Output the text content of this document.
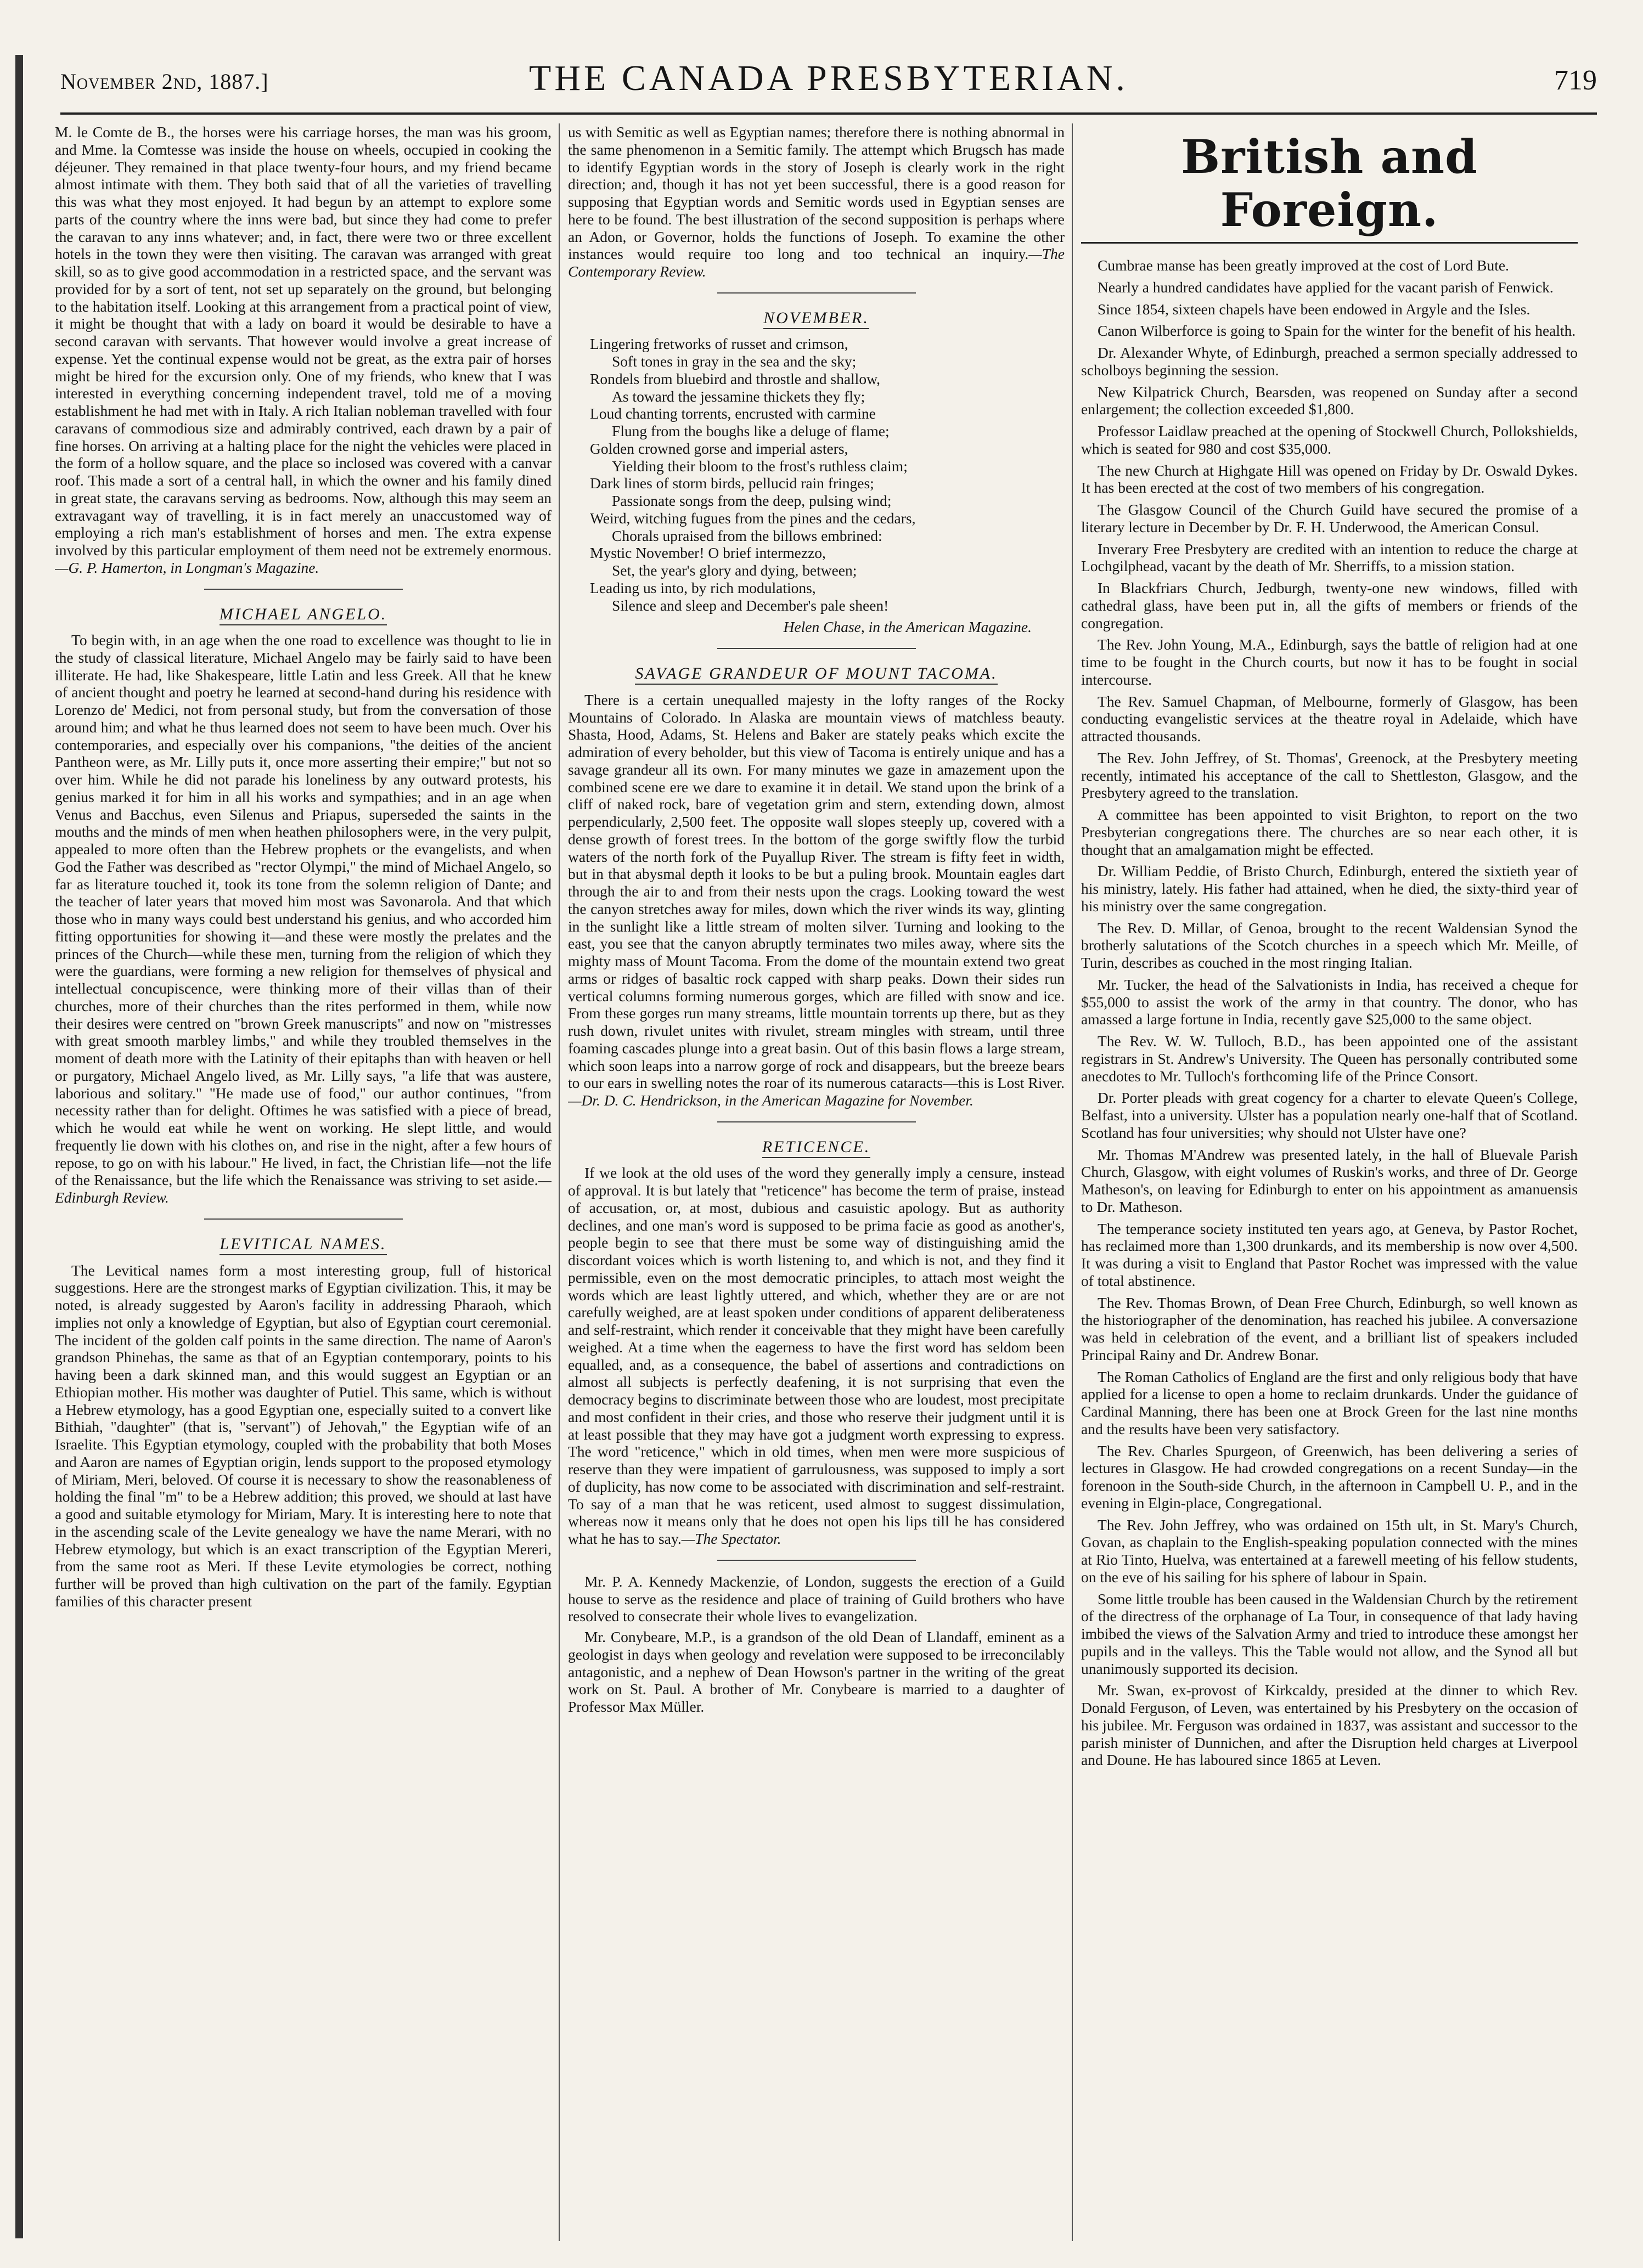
November 2nd, 1887.]	THE CANADA PRESBYTERIAN.	719

M. le Comte de B., the horses were his carriage horses, the man was his groom, and Mme. la Comtesse was inside the house on wheels, occupied in cooking the déjeuner. They remained in that place twenty-four hours, and my friend became almost intimate with them. They both said that of all the varieties of travelling this was what they most enjoyed. It had begun by an attempt to explore some parts of the country where the inns were bad, but since they had come to prefer the caravan to any inns whatever; and, in fact, there were two or three excellent hotels in the town they were then visiting. The caravan was arranged with great skill, so as to give good accommodation in a restricted space, and the servant was provided for by a sort of tent, not set up separately on the ground, but belonging to the habitation itself. Looking at this arrangement from a practical point of view, it might be thought that with a lady on board it would be desirable to have a second caravan with servants. That however would involve a great increase of expense. Yet the continual expense would not be great, as the extra pair of horses might be hired for the excursion only. One of my friends, who knew that I was interested in everything concerning independent travel, told me of a moving establishment he had met with in Italy. A rich Italian nobleman travelled with four caravans of commodious size and admirably contrived, each drawn by a pair of fine horses. On arriving at a halting place for the night the vehicles were placed in the form of a hollow square, and the place so inclosed was covered with a canvar roof. This made a sort of a central hall, in which the owner and his family dined in great state, the caravans serving as bedrooms. Now, although this may seem an extravagant way of travelling, it is in fact merely an unaccustomed way of employing a rich man's establishment of horses and men. The extra expense involved by this particular employment of them need not be extremely enormous.—G. P. Hamerton, in Longman's Magazine.

MICHAEL ANGELO.

To begin with, in an age when the one road to excellence was thought to lie in the study of classical literature, Michael Angelo may be fairly said to have been illiterate. He had, like Shakespeare, little Latin and less Greek. All that he knew of ancient thought and poetry he learned at second-hand during his residence with Lorenzo de' Medici, not from personal study, but from the conversation of those around him; and what he thus learned does not seem to have been much. Over his contemporaries, and especially over his companions, "the deities of the ancient Pantheon were, as Mr. Lilly puts it, once more asserting their empire;" but not so over him. While he did not parade his loneliness by any outward protests, his genius marked it for him in all his works and sympathies; and in an age when Venus and Bacchus, even Silenus and Priapus, superseded the saints in the mouths and the minds of men when heathen philosophers were, in the very pulpit, appealed to more often than the Hebrew prophets or the evangelists, and when God the Father was described as "rector Olympi," the mind of Michael Angelo, so far as literature touched it, took its tone from the solemn religion of Dante; and the teacher of later years that moved him most was Savonarola. And that which those who in many ways could best understand his genius, and who accorded him fitting opportunities for showing it—and these were mostly the prelates and the princes of the Church—while these men, turning from the religion of which they were the guardians, were forming a new religion for themselves of physical and intellectual concupiscence, were thinking more of their villas than of their churches, more of their churches than the rites performed in them, while now their desires were centred on "brown Greek manuscripts" and now on "mistresses with great smooth marbley limbs," and while they troubled themselves in the moment of death more with the Latinity of their epitaphs than with heaven or hell or purgatory, Michael Angelo lived, as Mr. Lilly says, "a life that was austere, laborious and solitary." "He made use of food," our author continues, "from necessity rather than for delight. Oftimes he was satisfied with a piece of bread, which he would eat while he went on working. He slept little, and would frequently lie down with his clothes on, and rise in the night, after a few hours of repose, to go on with his labour." He lived, in fact, the Christian life—not the life of the Renaissance, but the life which the Renaissance was striving to set aside.—Edinburgh Review.

LEVITICAL NAMES.

The Levitical names form a most interesting group, full of historical suggestions. Here are the strongest marks of Egyptian civilization. This, it may be noted, is already suggested by Aaron's facility in addressing Pharaoh, which implies not only a knowledge of Egyptian, but also of Egyptian court ceremonial. The incident of the golden calf points in the same direction. The name of Aaron's grandson Phinehas, the same as that of an Egyptian contemporary, points to his having been a dark skinned man, and this would suggest an Egyptian or an Ethiopian mother. His mother was daughter of Putiel. This same, which is without a Hebrew etymology, has a good Egyptian one, especially suited to a convert like Bithiah, "daughter" (that is, "servant") of Jehovah," the Egyptian wife of an Israelite. This Egyptian etymology, coupled with the probability that both Moses and Aaron are names of Egyptian origin, lends support to the proposed etymology of Miriam, Meri, beloved. Of course it is necessary to show the reasonableness of holding the final "m" to be a Hebrew addition; this proved, we should at last have a good and suitable etymology for Miriam, Mary. It is interesting here to note that in the ascending scale of the Levite genealogy we have the name Merari, with no Hebrew etymology, but which is an exact transcription of the Egyptian Mereri, from the same root as Meri. If these Levite etymologies be correct, nothing further will be proved than high cultivation on the part of the family. Egyptian families of this character present

us with Semitic as well as Egyptian names; therefore there is nothing abnormal in the same phenomenon in a Semitic family. The attempt which Brugsch has made to identify Egyptian words in the story of Joseph is clearly work in the right direction; and, though it has not yet been successful, there is a good reason for supposing that Egyptian words and Semitic words used in Egyptian senses are here to be found. The best illustration of the second supposition is perhaps where an Adon, or Governor, holds the functions of Joseph. To examine the other instances would require too long and too technical an inquiry.—The Contemporary Review.

NOVEMBER.
Lingering fretworks of russet and crimson,
Soft tones in gray in the sea and the sky;
Rondels from bluebird and throstle and shallow,
As toward the jessamine thickets they fly;
Loud chanting torrents, encrusted with carmine
Flung from the boughs like a deluge of flame;
Golden crowned gorse and imperial asters,
Yielding their bloom to the frost's ruthless claim;
Dark lines of storm birds, pellucid rain fringes;
Passionate songs from the deep, pulsing wind;
Weird, witching fugues from the pines and the cedars,
Chorals upraised from the billows embrined:
Mystic November! O brief intermezzo,
Set, the year's glory and dying, between;
Leading us into, by rich modulations,
Silence and sleep and December's pale sheen!
Helen Chase, in the American Magazine.
SAVAGE GRANDEUR OF MOUNT TACOMA.

There is a certain unequalled majesty in the lofty ranges of the Rocky Mountains of Colorado. In Alaska are mountain views of matchless beauty. Shasta, Hood, Adams, St. Helens and Baker are stately peaks which excite the admiration of every beholder, but this view of Tacoma is entirely unique and has a savage grandeur all its own. For many minutes we gaze in amazement upon the combined scene ere we dare to examine it in detail. We stand upon the brink of a cliff of naked rock, bare of vegetation grim and stern, extending down, almost perpendicularly, 2,500 feet. The opposite wall slopes steeply up, covered with a dense growth of forest trees. In the bottom of the gorge swiftly flow the turbid waters of the north fork of the Puyallup River. The stream is fifty feet in width, but in that abysmal depth it looks to be but a puling brook. Mountain eagles dart through the air to and from their nests upon the crags. Looking toward the west the canyon stretches away for miles, down which the river winds its way, glinting in the sunlight like a little stream of molten silver. Turning and looking to the east, you see that the canyon abruptly terminates two miles away, where sits the mighty mass of Mount Tacoma. From the dome of the mountain extend two great arms or ridges of basaltic rock capped with sharp peaks. Down their sides run vertical columns forming numerous gorges, which are filled with snow and ice. From these gorges run many streams, little mountain torrents up there, but as they rush down, rivulet unites with rivulet, stream mingles with stream, until three foaming cascades plunge into a great basin. Out of this basin flows a large stream, which soon leaps into a narrow gorge of rock and disappears, but the breeze bears to our ears in swelling notes the roar of its numerous cataracts—this is Lost River.—Dr. D. C. Hendrickson, in the American Magazine for November.

RETICENCE.

If we look at the old uses of the word they generally imply a censure, instead of approval. It is but lately that "reticence" has become the term of praise, instead of accusation, or, at most, dubious and casuistic apology. But as authority declines, and one man's word is supposed to be prima facie as good as another's, people begin to see that there must be some way of distinguishing amid the discordant voices which is worth listening to, and which is not, and they find it permissible, even on the most democratic principles, to attach most weight the words which are least lightly uttered, and which, whether they are or are not carefully weighed, are at least spoken under conditions of apparent deliberateness and self-restraint, which render it conceivable that they might have been carefully weighed. At a time when the eagerness to have the first word has seldom been equalled, and, as a consequence, the babel of assertions and contradictions on almost all subjects is perfectly deafening, it is not surprising that even the democracy begins to discriminate between those who are loudest, most precipitate and most confident in their cries, and those who reserve their judgment until it is at least possible that they may have got a judgment worth expressing to express. The word "reticence," which in old times, when men were more suspicious of reserve than they were impatient of garrulousness, was supposed to imply a sort of duplicity, has now come to be associated with discrimination and self-restraint. To say of a man that he was reticent, used almost to suggest dissimulation, whereas now it means only that he does not open his lips till he has considered what he has to say.—The Spectator.

Mr. P. A. Kennedy Mackenzie, of London, suggests the erection of a Guild house to serve as the residence and place of training of Guild brothers who have resolved to consecrate their whole lives to evangelization.

Mr. Conybeare, M.P., is a grandson of the old Dean of Llandaff, eminent as a geologist in days when geology and revelation were supposed to be irreconcilably antagonistic, and a nephew of Dean Howson's partner in the writing of the great work on St. Paul. A brother of Mr. Conybeare is married to a daughter of Professor Max Müller.

British and Foreign.

Cumbrae manse has been greatly improved at the cost of Lord Bute.

Nearly a hundred candidates have applied for the vacant parish of Fenwick.

Since 1854, sixteen chapels have been endowed in Argyle and the Isles.

Canon Wilberforce is going to Spain for the winter for the benefit of his health.

Dr. Alexander Whyte, of Edinburgh, preached a sermon specially addressed to scholboys beginning the session.

New Kilpatrick Church, Bearsden, was reopened on Sunday after a second enlargement; the collection exceeded $1,800.

Professor Laidlaw preached at the opening of Stockwell Church, Pollokshields, which is seated for 980 and cost $35,000.

The new Church at Highgate Hill was opened on Friday by Dr. Oswald Dykes. It has been erected at the cost of two members of his congregation.

The Glasgow Council of the Church Guild have secured the promise of a literary lecture in December by Dr. F. H. Underwood, the American Consul.

Inverary Free Presbytery are credited with an intention to reduce the charge at Lochgilphead, vacant by the death of Mr. Sherriffs, to a mission station.

In Blackfriars Church, Jedburgh, twenty-one new windows, filled with cathedral glass, have been put in, all the gifts of members or friends of the congregation.

The Rev. John Young, M.A., Edinburgh, says the battle of religion had at one time to be fought in the Church courts, but now it has to be fought in social intercourse.

The Rev. Samuel Chapman, of Melbourne, formerly of Glasgow, has been conducting evangelistic services at the theatre royal in Adelaide, which have attracted thousands.

The Rev. John Jeffrey, of St. Thomas', Greenock, at the Presbytery meeting recently, intimated his acceptance of the call to Shettleston, Glasgow, and the Presbytery agreed to the translation.

A committee has been appointed to visit Brighton, to report on the two Presbyterian congregations there. The churches are so near each other, it is thought that an amalgamation might be effected.

Dr. William Peddie, of Bristo Church, Edinburgh, entered the sixtieth year of his ministry, lately. His father had attained, when he died, the sixty-third year of his ministry over the same congregation.

The Rev. D. Millar, of Genoa, brought to the recent Waldensian Synod the brotherly salutations of the Scotch churches in a speech which Mr. Meille, of Turin, describes as couched in the most ringing Italian.

Mr. Tucker, the head of the Salvationists in India, has received a cheque for $55,000 to assist the work of the army in that country. The donor, who has amassed a large fortune in India, recently gave $25,000 to the same object.

The Rev. W. W. Tulloch, B.D., has been appointed one of the assistant registrars in St. Andrew's University. The Queen has personally contributed some anecdotes to Mr. Tulloch's forthcoming life of the Prince Consort.

Dr. Porter pleads with great cogency for a charter to elevate Queen's College, Belfast, into a university. Ulster has a population nearly one-half that of Scotland. Scotland has four universities; why should not Ulster have one?

Mr. Thomas M'Andrew was presented lately, in the hall of Bluevale Parish Church, Glasgow, with eight volumes of Ruskin's works, and three of Dr. George Matheson's, on leaving for Edinburgh to enter on his appointment as amanuensis to Dr. Matheson.

The temperance society instituted ten years ago, at Geneva, by Pastor Rochet, has reclaimed more than 1,300 drunkards, and its membership is now over 4,500. It was during a visit to England that Pastor Rochet was impressed with the value of total abstinence.

The Rev. Thomas Brown, of Dean Free Church, Edinburgh, so well known as the historiographer of the denomination, has reached his jubilee. A conversazione was held in celebration of the event, and a brilliant list of speakers included Principal Rainy and Dr. Andrew Bonar.

The Roman Catholics of England are the first and only religious body that have applied for a license to open a home to reclaim drunkards. Under the guidance of Cardinal Manning, there has been one at Brock Green for the last nine months and the results have been very satisfactory.

The Rev. Charles Spurgeon, of Greenwich, has been delivering a series of lectures in Glasgow. He had crowded congregations on a recent Sunday—in the forenoon in the South-side Church, in the afternoon in Campbell U. P., and in the evening in Elgin-place, Congregational.

The Rev. John Jeffrey, who was ordained on 15th ult, in St. Mary's Church, Govan, as chaplain to the English-speaking population connected with the mines at Rio Tinto, Huelva, was entertained at a farewell meeting of his fellow students, on the eve of his sailing for his sphere of labour in Spain.

Some little trouble has been caused in the Waldensian Church by the retirement of the directress of the orphanage of La Tour, in consequence of that lady having imbibed the views of the Salvation Army and tried to introduce these amongst her pupils and in the valleys. This the Table would not allow, and the Synod all but unanimously supported its decision.

Mr. Swan, ex-provost of Kirkcaldy, presided at the dinner to which Rev. Donald Ferguson, of Leven, was entertained by his Presbytery on the occasion of his jubilee. Mr. Ferguson was ordained in 1837, was assistant and successor to the parish minister of Dunnichen, and after the Disruption held charges at Liverpool and Doune. He has laboured since 1865 at Leven.
